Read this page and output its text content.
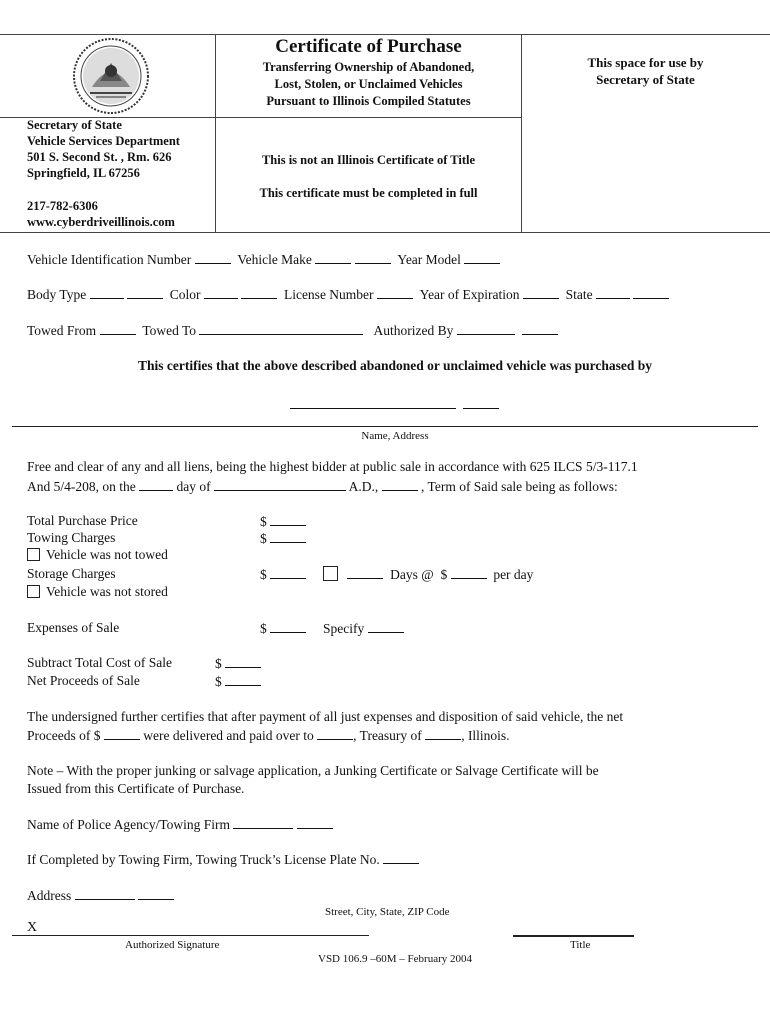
Certificate of Purchase
Transferring Ownership of Abandoned,
Lost, Stolen, or Unclaimed Vehicles
Pursuant to Illinois Compiled Statutes
This space for use by
Secretary of State
Secretary of State
Vehicle Services Department
501 S. Second St. , Rm. 626
Springfield, IL 67256
217-782-6306
www.cyberdriveillinois.com
This is not an Illinois Certificate of Title
This certificate must be completed in full
Vehicle Identification Number	Vehicle Make	Year Model
Body Type	Color	License Number	Year of Expiration	State
Towed From	Towed To	Authorized By
This certifies that the above described abandoned or unclaimed vehicle was purchased by

Name, Address
Free and clear of any and all liens, being the highest bidder at public sale in accordance with 625 ILCS 5/3-117.1
And 5/4-208, on the	day of	A.D.,	, Term of Said sale being as follows:
Total Purchase Price	$
Towing Charges	$
Vehicle was not towed
Storage Charges	$	Days @ $	per day
Vehicle was not stored
Expenses of Sale	$	Specify
Subtract Total Cost of Sale	$
Net Proceeds of Sale	$
The undersigned further certifies that after payment of all just expenses and disposition of said vehicle, the net
Proceeds of $	were delivered and paid over to	, Treasury of	, Illinois.
Note – With the proper junking or salvage application, a Junking Certificate or Salvage Certificate will be
Issued from this Certificate of Purchase.
Name of Police Agency/Towing Firm
If Completed by Towing Firm, Towing Truck’s License Plate No.
Address
Street, City, State, ZIP Code
X
Authorized Signature	Title
VSD 106.9 –60M – February 2004
